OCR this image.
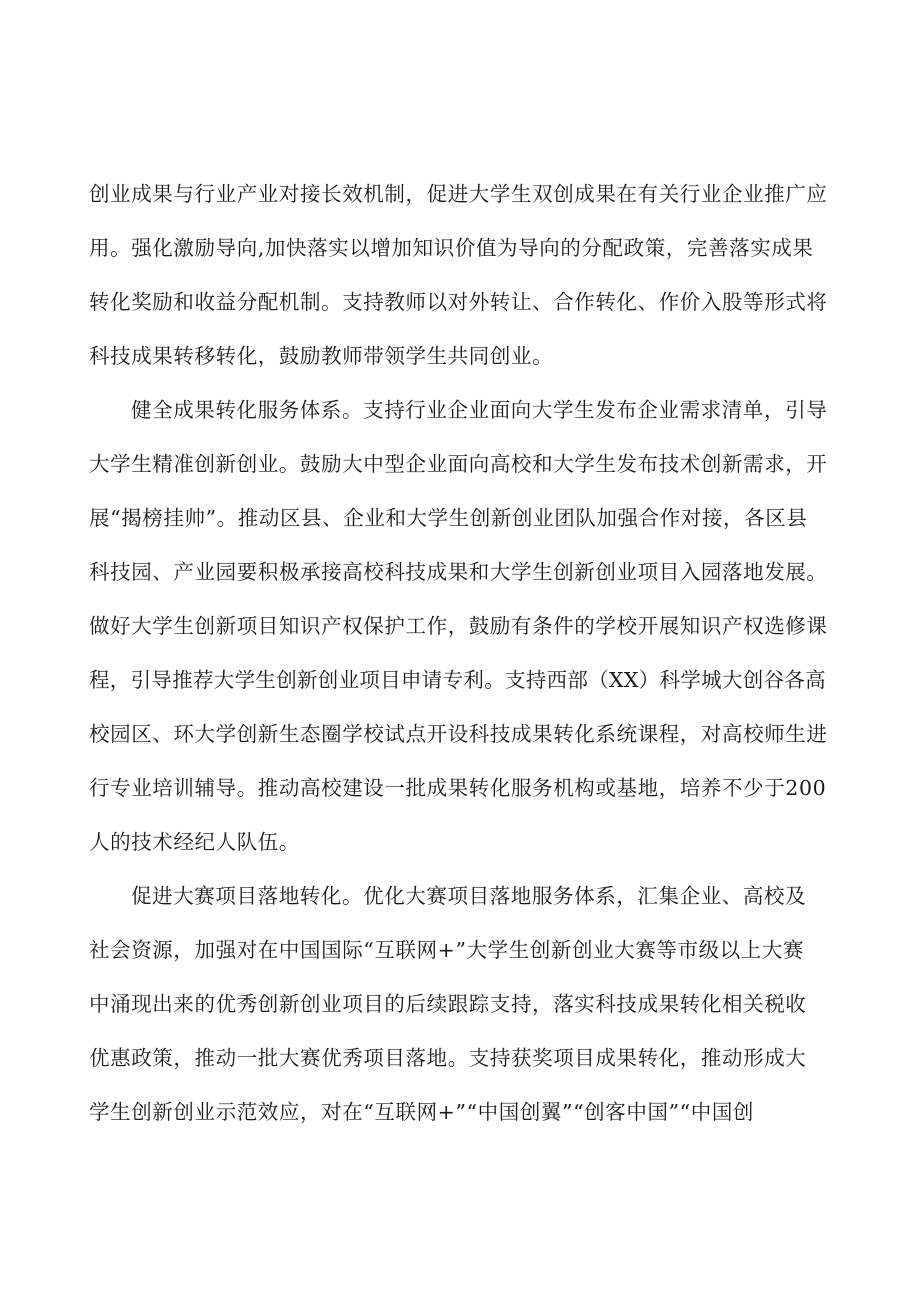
创业成果与行业产业对接长效机制，促进大学生双创成果在有关行业企业推广应
用。强化激励导向,加快落实以增加知识价值为导向的分配政策，完善落实成果
转化奖励和收益分配机制。支持教师以对外转让、合作转化、作价入股等形式将
科技成果转移转化，鼓励教师带领学生共同创业。
健全成果转化服务体系。支持行业企业面向大学生发布企业需求清单，引导
大学生精准创新创业。鼓励大中型企业面向高校和大学生发布技术创新需求，开
展“揭榜挂帅”。推动区县、企业和大学生创新创业团队加强合作对接，各区县
科技园、产业园要积极承接高校科技成果和大学生创新创业项目入园落地发展。
做好大学生创新项目知识产权保护工作，鼓励有条件的学校开展知识产权选修课
程，引导推荐大学生创新创业项目申请专利。支持西部（XX）科学城大创谷各高
校园区、环大学创新生态圈学校试点开设科技成果转化系统课程，对高校师生进
行专业培训辅导。推动高校建设一批成果转化服务机构或基地，培养不少于200
人的技术经纪人队伍。
促进大赛项目落地转化。优化大赛项目落地服务体系，汇集企业、高校及
社会资源，加强对在中国国际“互联网+”大学生创新创业大赛等市级以上大赛
中涌现出来的优秀创新创业项目的后续跟踪支持，落实科技成果转化相关税收
优惠政策，推动一批大赛优秀项目落地。支持获奖项目成果转化，推动形成大
学生创新创业示范效应，对在“互联网+”“中国创翼”“创客中国”“中国创
